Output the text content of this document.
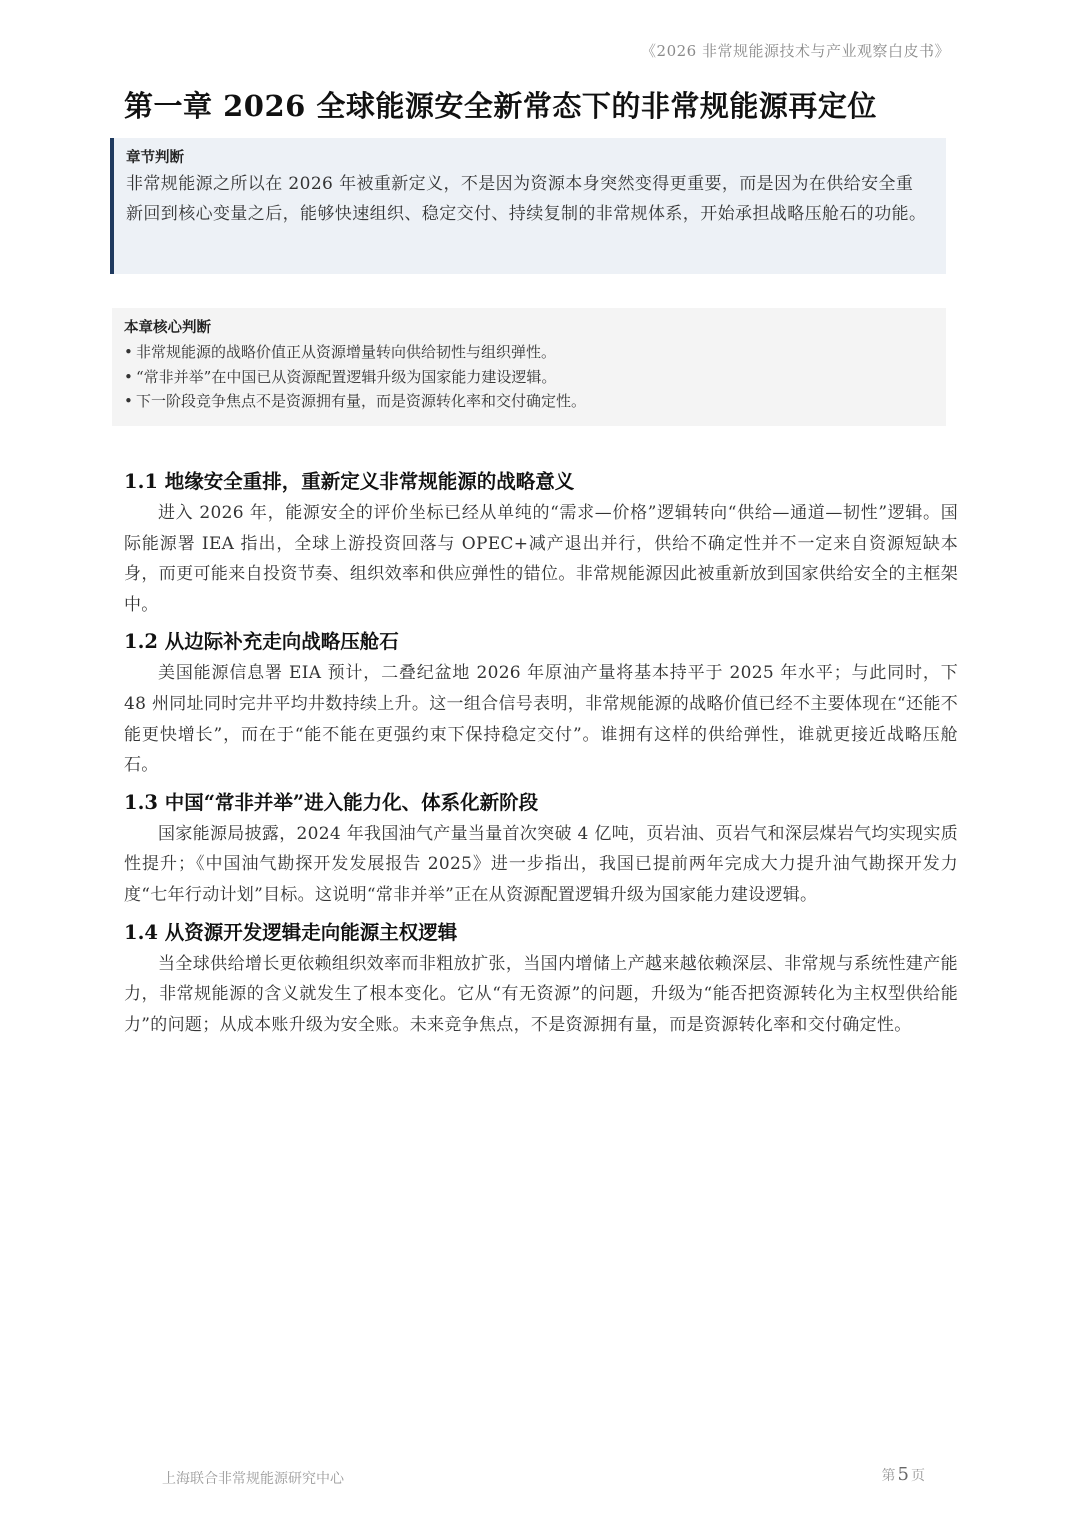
《2026 非常规能源技术与产业观察白皮书》
第一章 2026 全球能源安全新常态下的非常规能源再定位
章节判断
非常规能源之所以在 2026 年被重新定义，不是因为资源本身突然变得更重要，而是因为在供给安全重新回到核心变量之后，能够快速组织、稳定交付、持续复制的非常规体系，开始承担战略压舱石的功能。
本章核心判断
• 非常规能源的战略价值正从资源增量转向供给韧性与组织弹性。
• “常非并举”在中国已从资源配置逻辑升级为国家能力建设逻辑。
• 下一阶段竞争焦点不是资源拥有量，而是资源转化率和交付确定性。
1.1 地缘安全重排，重新定义非常规能源的战略意义

进入 2026 年，能源安全的评价坐标已经从单纯的“需求—价格”逻辑转向“供给—通道—韧性”逻辑。国际能源署 IEA 指出，全球上游投资回落与 OPEC+减产退出并行，供给不确定性并不一定来自资源短缺本身，而更可能来自投资节奏、组织效率和供应弹性的错位。非常规能源因此被重新放到国家供给安全的主框架中。

1.2 从边际补充走向战略压舱石

美国能源信息署 EIA 预计，二叠纪盆地 2026 年原油产量将基本持平于 2025 年水平；与此同时，下 48 州同址同时完井平均井数持续上升。这一组合信号表明，非常规能源的战略价值已经不主要体现在“还能不能更快增长”，而在于“能不能在更强约束下保持稳定交付”。谁拥有这样的供给弹性，谁就更接近战略压舱石。

1.3 中国“常非并举”进入能力化、体系化新阶段

国家能源局披露，2024 年我国油气产量当量首次突破 4 亿吨，页岩油、页岩气和深层煤岩气均实现实质性提升；《中国油气勘探开发发展报告 2025》进一步指出，我国已提前两年完成大力提升油气勘探开发力度“七年行动计划”目标。这说明“常非并举”正在从资源配置逻辑升级为国家能力建设逻辑。

1.4 从资源开发逻辑走向能源主权逻辑

当全球供给增长更依赖组织效率而非粗放扩张，当国内增储上产越来越依赖深层、非常规与系统性建产能力，非常规能源的含义就发生了根本变化。它从“有无资源”的问题，升级为“能否把资源转化为主权型供给能力”的问题；从成本账升级为安全账。未来竞争焦点，不是资源拥有量，而是资源转化率和交付确定性。

上海联合非常规能源研究中心	第 5 页
